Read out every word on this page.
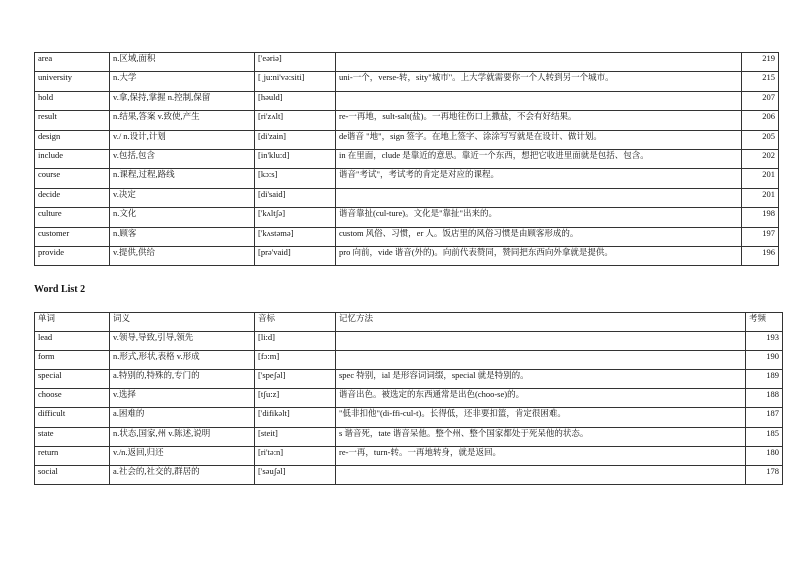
area	n.区域,面积	['eəriə]		219
university	n.大学	[ˌju:ni'və:siti]	uni-一个，verse-转，sity"城市"。上大学就需要你一个人转到另一个城市。	215
hold	v.拿,保持,掌握 n.控制,保留	[həuld]		207
result	n.结果,答案 v.致使,产生	[ri'zʌlt]	re-一再地，sult-salt(盐)。一再地往伤口上撒盐，不会有好结果。	206
design	v./ n.设计,计划	[di'zain]	de谐音 "地"，sign 签字。在地上签字、涂涂写写就是在设计、做计划。	205
include	v.包括,包含	[in'klu:d]	in 在里面，clude 是靠近的意思。靠近一个东西，想把它收进里面就是包括、包含。	202
course	n.课程,过程,路线	[kɔ:s]	谐音"考试"，考试考的肯定是对应的课程。	201
decide	v.决定	[di'said]		201
culture	n.文化	['kʌltʃə]	谐音靠扯(cul-ture)。文化是"靠扯"出来的。	198
customer	n.顾客	['kʌstəmə]	custom 风俗、习惯，er 人。饭店里的风俗习惯是由顾客形成的。	197
provide	v.提供,供给	[prə'vaid]	pro 向前，vide 谐音(外的)。向前代表赞同，赞同把东西向外拿就是提供。	196
Word List 2
单词	词义	音标	记忆方法	考频
lead	v.领导,导致,引导,领先	[li:d]		193
form	n.形式,形状,表格 v.形成	[fɔ:m]		190
special	a.特别的,特殊的,专门的	['speʃəl]	spec 特别，ial 是形容词词缀，special 就是特别的。	189
choose	v.选择	[tʃu:z]	谐音出色。被选定的东西通常是出色(choo-se)的。	188
difficult	a.困难的	['difikəlt]	"低非扣他"(di-ffi-cul-t)。长得低，还非要扣篮，肯定很困难。	187
state	n.状态,国家,州 v.陈述,说明	[steit]	s 谐音死，tate 谐音呆他。整个州、整个国家都处于死呆他的状态。	185
return	v./n.返回,归还	[ri'tə:n]	re-一再，turn-转。一再地转身，就是返回。	180
social	a.社会的,社交的,群居的	['səuʃəl]		178
